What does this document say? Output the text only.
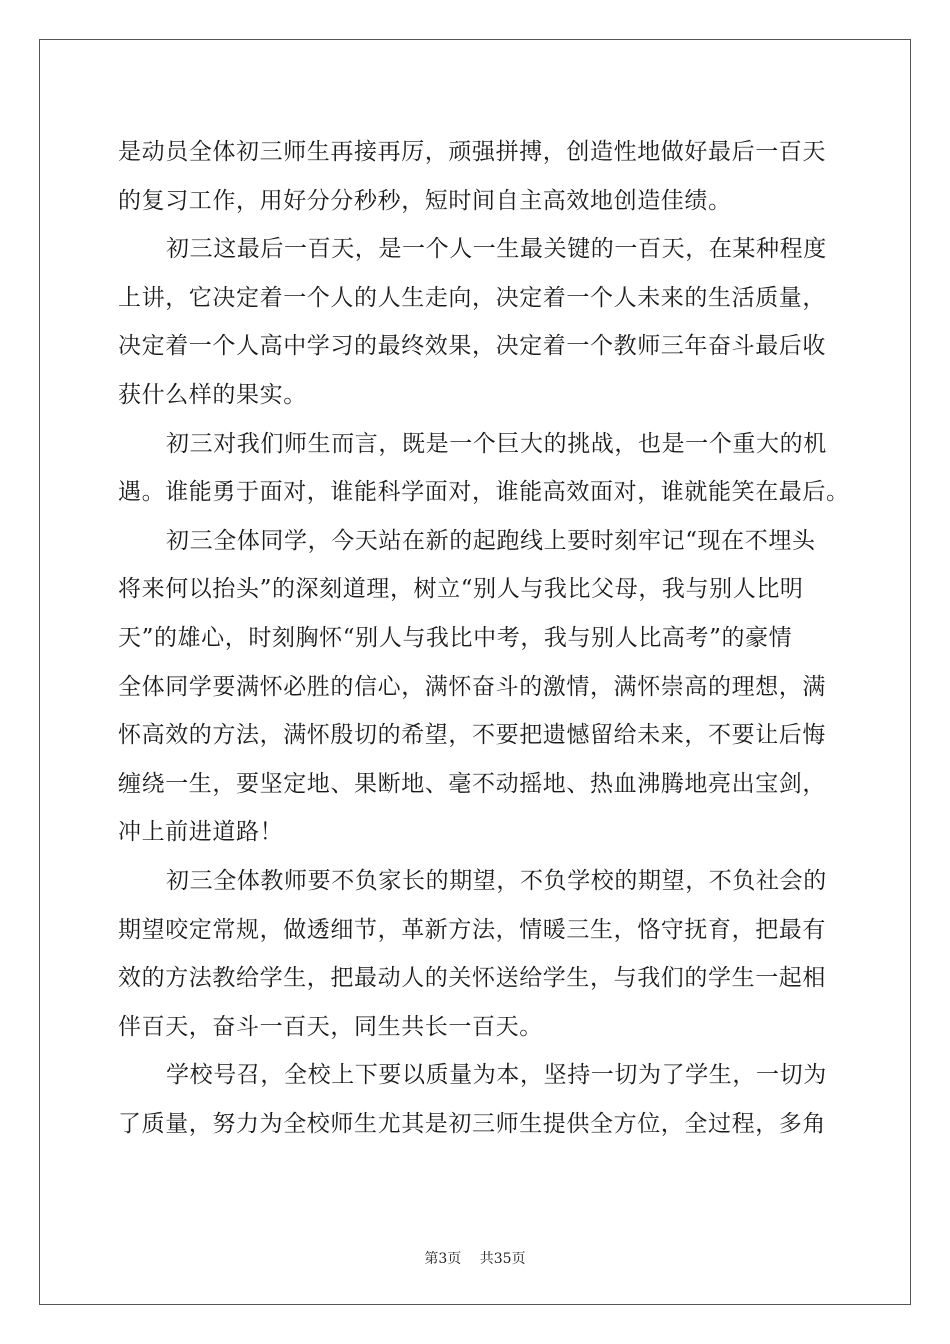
是动员全体初三师生再接再厉，顽强拼搏，创造性地做好最后一百天
的复习工作，用好分分秒秒，短时间自主高效地创造佳绩。
初三这最后一百天，是一个人一生最关键的一百天，在某种程度
上讲，它决定着一个人的人生走向，决定着一个人未来的生活质量，
决定着一个人高中学习的最终效果，决定着一个教师三年奋斗最后收
获什么样的果实。
初三对我们师生而言，既是一个巨大的挑战，也是一个重大的机
遇。谁能勇于面对，谁能科学面对，谁能高效面对，谁就能笑在最后。
初三全体同学，今天站在新的起跑线上要时刻牢记“现在不埋头
将来何以抬头”的深刻道理，树立“别人与我比父母，我与别人比明
天”的雄心，时刻胸怀“别人与我比中考，我与别人比高考”的豪情
全体同学要满怀必胜的信心，满怀奋斗的激情，满怀崇高的理想，满
怀高效的方法，满怀殷切的希望，不要把遗憾留给未来，不要让后悔
缠绕一生，要坚定地、果断地、毫不动摇地、热血沸腾地亮出宝剑，
冲上前进道路！
初三全体教师要不负家长的期望，不负学校的期望，不负社会的
期望咬定常规，做透细节，革新方法，情暖三生，恪守抚育，把最有
效的方法教给学生，把最动人的关怀送给学生，与我们的学生一起相
伴百天，奋斗一百天，同生共长一百天。
学校号召，全校上下要以质量为本，坚持一切为了学生，一切为
了质量，努力为全校师生尤其是初三师生提供全方位，全过程，多角
第3页 共35页
